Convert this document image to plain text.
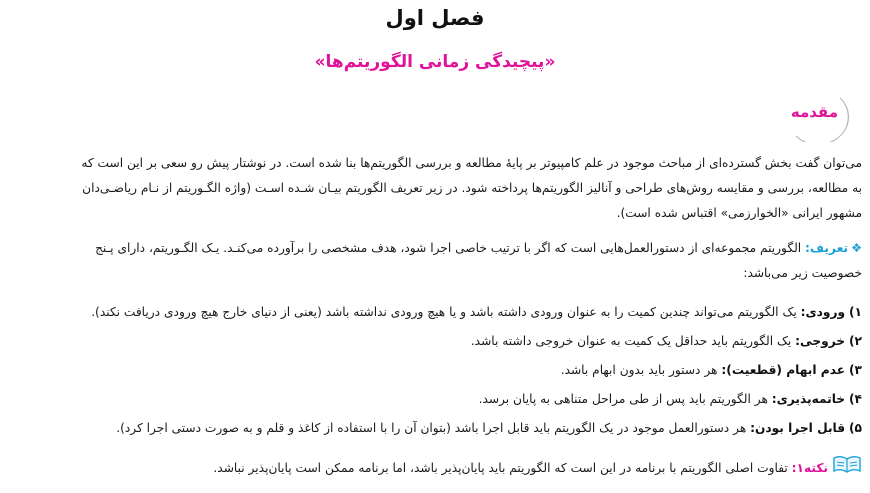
فصل اول
«پیچیدگی زمانی الگوریتم‌ها»
مقدمه
می‌توان گفت بخش گسترده‌ای از مباحث موجود در علم کامپیوتر بر پایهٔ مطالعه و بررسی الگوریتم‌ها بنا شده است. در نوشتار پیش رو سعی بر این است که
به مطالعه، بررسی و مقایسه روش‌های طراحی و آنالیز الگوریتم‌ها پرداخته شود. در زیر تعریف الگوریتم بیـان شـده اسـت (واژه الگـوریتم از نـام ریاضـی‌دان
مشهور ایرانی «الخوارزمی» اقتباس شده است).
❖تعریف: الگوریتم مجموعه‌ای از دستورالعمل‌هایی است که اگر با ترتیب خاصی اجرا شود، هدف مشخصی را برآورده می‌کنـد. یـک الگـوریتم، دارای پـنج
خصوصیت زیر می‌باشد:
۱) ورودی: یک الگوریتم می‌تواند چندین کمیت را به عنوان ورودی داشته باشد و یا هیچ ورودی نداشته باشد (یعنی از دنیای خارج هیچ ورودی دریافت نکند).
۲) خروجی: یک الگوریتم باید حداقل یک کمیت به عنوان خروجی داشته باشد.
۳) عدم ابهام (قطعیت): هر دستور باید بدون ابهام باشد.
۴) خاتمه‌پذیری: هر الگوریتم باید پس از طی مراحل متناهی به پایان برسد.
۵) قابل اجرا بودن: هر دستورالعمل موجود در یک الگوریتم باید قابل اجرا باشد (بتوان آن را با استفاده از کاغذ و قلم و به صورت دستی اجرا کرد).
نکته۱: تفاوت اصلی الگوریتم با برنامه در این است که الگوریتم باید پایان‌پذیر باشد، اما برنامه ممکن است پایان‌پذیر نباشد.
